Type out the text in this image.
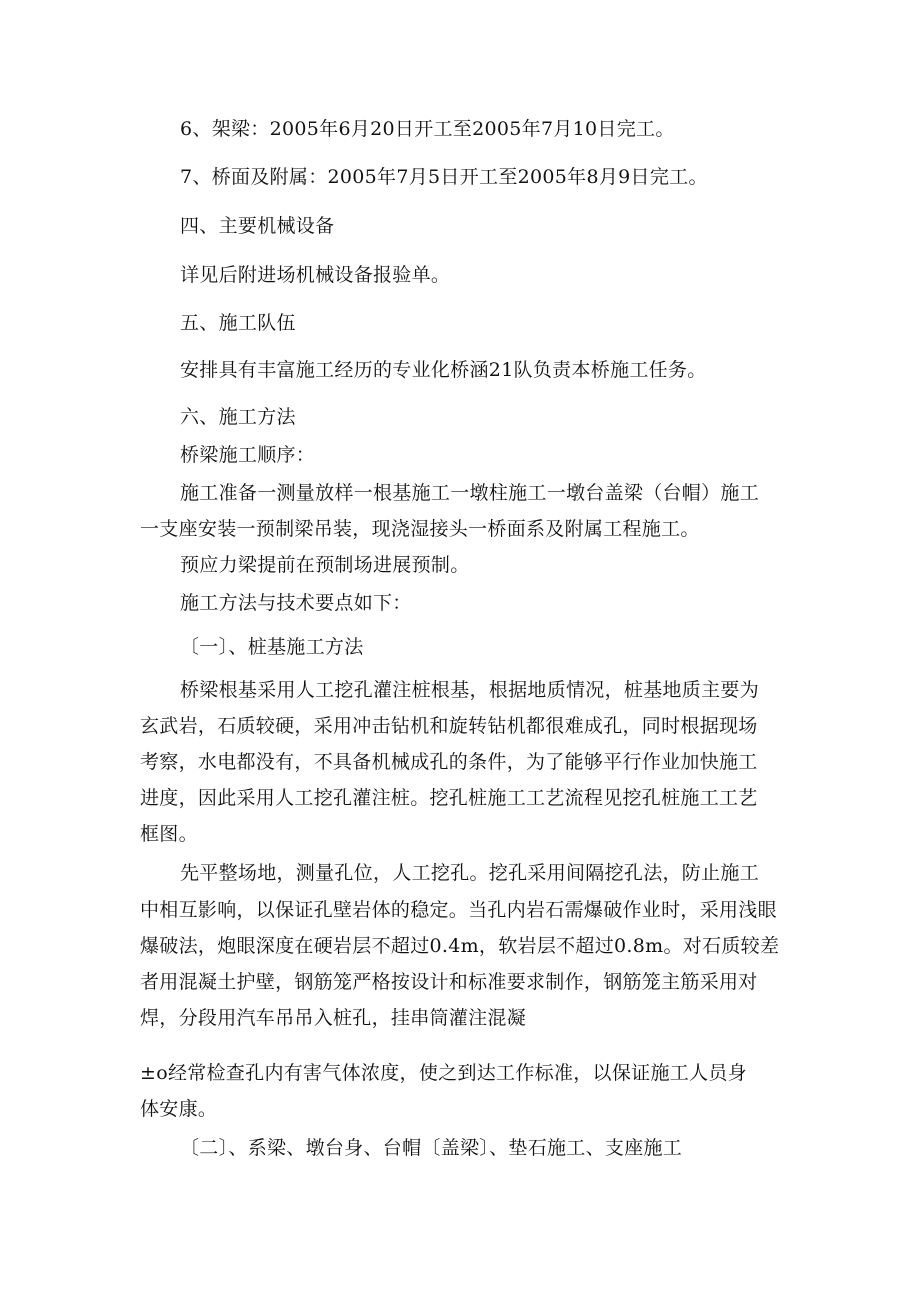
6、架梁：2005年6月20日开工至2005年7月10日完工。
7、桥面及附属：2005年7月5日开工至2005年8月9日完工。
四、主要机械设备
详见后附进场机械设备报验单。
五、施工队伍
安排具有丰富施工经历的专业化桥涵21队负责本桥施工任务。
六、施工方法
桥梁施工顺序：
施工准备一测量放样一根基施工一墩柱施工一墩台盖梁（台帽）施工
一支座安装一预制梁吊装，现浇湿接头一桥面系及附属工程施工。
预应力梁提前在预制场进展预制。
施工方法与技术要点如下：
〔一〕、桩基施工方法
桥梁根基采用人工挖孔灌注桩根基，根据地质情况，桩基地质主要为
玄武岩，石质较硬，采用冲击钻机和旋转钻机都很难成孔，同时根据现场
考察，水电都没有，不具备机械成孔的条件，为了能够平行作业加快施工
进度，因此采用人工挖孔灌注桩。挖孔桩施工工艺流程见挖孔桩施工工艺
框图。
先平整场地，测量孔位，人工挖孔。挖孔采用间隔挖孔法，防止施工
中相互影响，以保证孔壁岩体的稳定。当孔内岩石需爆破作业时，采用浅眼
爆破法，炮眼深度在硬岩层不超过0.4m，软岩层不超过0.8m。对石质较差
者用混凝土护壁，钢筋笼严格按设计和标准要求制作，钢筋笼主筋采用对
焊，分段用汽车吊吊入桩孔，挂串筒灌注混凝
±o经常检查孔内有害气体浓度，使之到达工作标准，以保证施工人员身
体安康。
〔二〕、系梁、墩台身、台帽〔盖梁〕、垫石施工、支座施工
